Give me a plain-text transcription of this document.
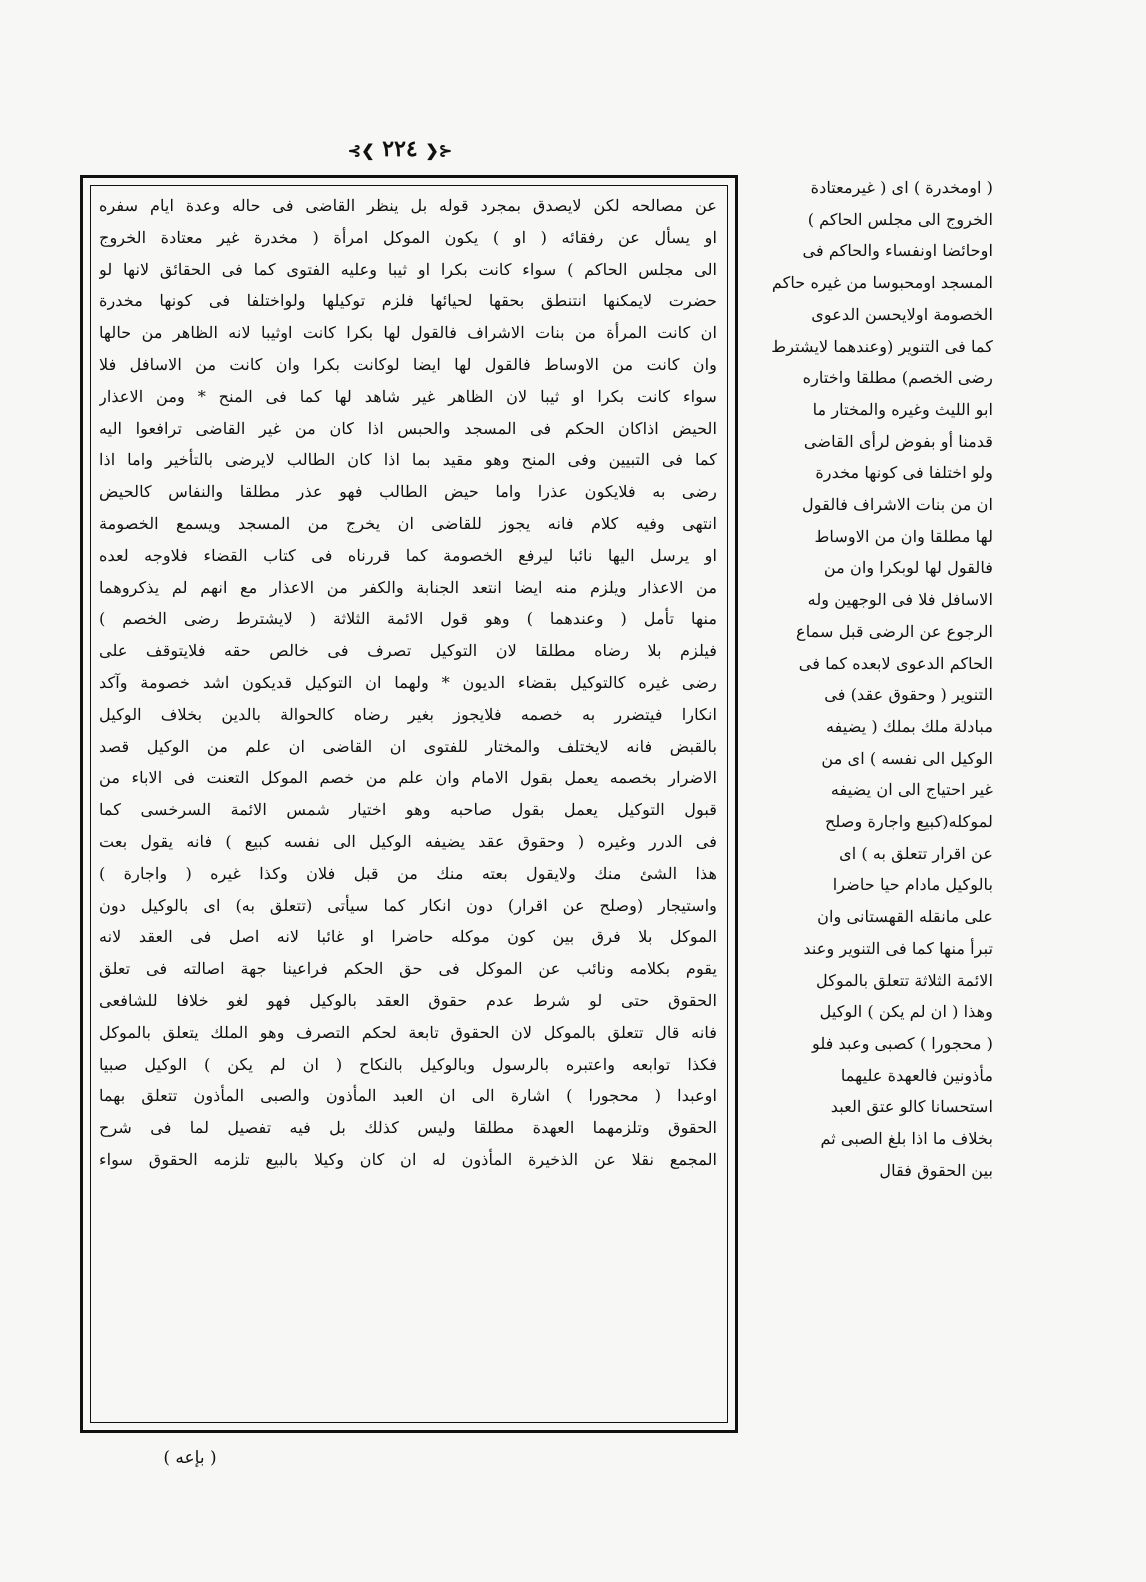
⊰❮ ٢٢٤ ❯⊱
عن مصالحه لكن لايصدق بمجرد قوله بل ينظر القاضى فى حاله وعدة ايام سفره
او يسأل عن رفقائه ( او ) يكون الموكل امرأة ( مخدرة غير معتادة الخروج
الى مجلس الحاكم ) سواء كانت بكرا او ثيبا وعليه الفتوى كما فى الحقائق لانها لو
حضرت لايمكنها انتنطق بحقها لحيائها فلزم توكيلها ولواختلفا فى كونها مخدرة
ان كانت المرأة من بنات الاشراف فالقول لها بكرا كانت اوثيبا لانه الظاهر من حالها
وان كانت من الاوساط فالقول لها ايضا لوكانت بكرا وان كانت من الاسافل فلا
سواء كانت بكرا او ثيبا لان الظاهر غير شاهد لها كما فى المنح * ومن الاعذار
الحيض اذاكان الحكم فى المسجد والحبس اذا كان من غير القاضى ترافعوا اليه
كما فى التبيين وفى المنح وهو مقيد بما اذا كان الطالب لايرضى بالتأخير واما اذا
رضى به فلايكون عذرا واما حيض الطالب فهو عذر مطلقا والنفاس كالحيض
انتهى وفيه كلام فانه يجوز للقاضى ان يخرج من المسجد ويسمع الخصومة
او يرسل اليها نائبا ليرفع الخصومة كما قررناه فى كتاب القضاء فلاوجه لعده
من الاعذار ويلزم منه ايضا انتعد الجنابة والكفر من الاعذار مع انهم لم يذكروهما
منها تأمل ( وعندهما ) وهو قول الائمة الثلاثة ( لايشترط رضى الخصم )
فيلزم بلا رضاه مطلقا لان التوكيل تصرف فى خالص حقه فلايتوقف على
رضى غيره كالتوكيل بقضاء الديون * ولهما ان التوكيل قديكون اشد خصومة وآكد
انكارا فيتضرر به خصمه فلايجوز بغير رضاه كالحوالة بالدين بخلاف الوكيل
بالقبض فانه لايختلف والمختار للفتوى ان القاضى ان علم من الوكيل قصد
الاضرار بخصمه يعمل بقول الامام وان علم من خصم الموكل التعنت فى الاباء من
قبول التوكيل يعمل بقول صاحبه وهو اختيار شمس الائمة السرخسى كما
فى الدرر وغيره ( وحقوق عقد يضيفه الوكيل الى نفسه كبيع ) فانه يقول بعت
هذا الشئ منك ولايقول بعته منك من قبل فلان وكذا غيره ( واجارة )
واستيجار (وصلح عن اقرار) دون انكار كما سيأتى (تتعلق به) اى بالوكيل دون
الموكل بلا فرق بين كون موكله حاضرا او غائبا لانه اصل فى العقد لانه
يقوم بكلامه ونائب عن الموكل فى حق الحكم فراعينا جهة اصالته فى تعلق
الحقوق حتى لو شرط عدم حقوق العقد بالوكيل فهو لغو خلافا للشافعى
فانه قال تتعلق بالموكل لان الحقوق تابعة لحكم التصرف وهو الملك يتعلق بالموكل
فكذا توابعه واعتبره بالرسول وبالوكيل بالنكاح ( ان لم يكن ) الوكيل صبيا
اوعبدا ( محجورا ) اشارة الى ان العبد المأذون والصبى المأذون تتعلق بهما
الحقوق وتلزمهما العهدة مطلقا وليس كذلك بل فيه تفصيل لما فى شرح
المجمع نقلا عن الذخيرة المأذون له ان كان وكيلا بالبيع تلزمه الحقوق سواء
( اومخدرة ) اى ( غيرمعتادة
الخروج الى مجلس الحاكم )
اوحائضا اونفساء والحاكم فى
المسجد اومحبوسا من غيره حاكم
الخصومة اولايحسن الدعوى
كما فى التنوير (وعندهما لايشترط
رضى الخصم) مطلقا واختاره
ابو الليث وغيره والمختار ما
قدمنا أو بفوض لرأى القاضى
ولو اختلفا فى كونها مخدرة
ان من بنات الاشراف فالقول
لها مطلقا وان من الاوساط
فالقول لها لوبكرا وان من
الاسافل فلا فى الوجهين وله
الرجوع عن الرضى قبل سماع
الحاكم الدعوى لابعده كما فى
التنوير ( وحقوق عقد) فى
مبادلة ملك بملك ( يضيفه
الوكيل الى نفسه ) اى من
غير احتياج الى ان يضيفه
لموكله(كبيع واجارة وصلح
عن اقرار تتعلق به ) اى
بالوكيل مادام حيا حاضرا
على مانقله القهستانى وان
تبرأ منها كما فى التنوير وعند
الائمة الثلاثة تتعلق بالموكل
وهذا ( ان لم يكن ) الوكيل
( محجورا ) كصبى وعبد فلو
مأذونين فالعهدة عليهما
استحسانا كالو عتق العبد
بخلاف ما اذا بلغ الصبى ثم
بين الحقوق فقال
( بإعه )
